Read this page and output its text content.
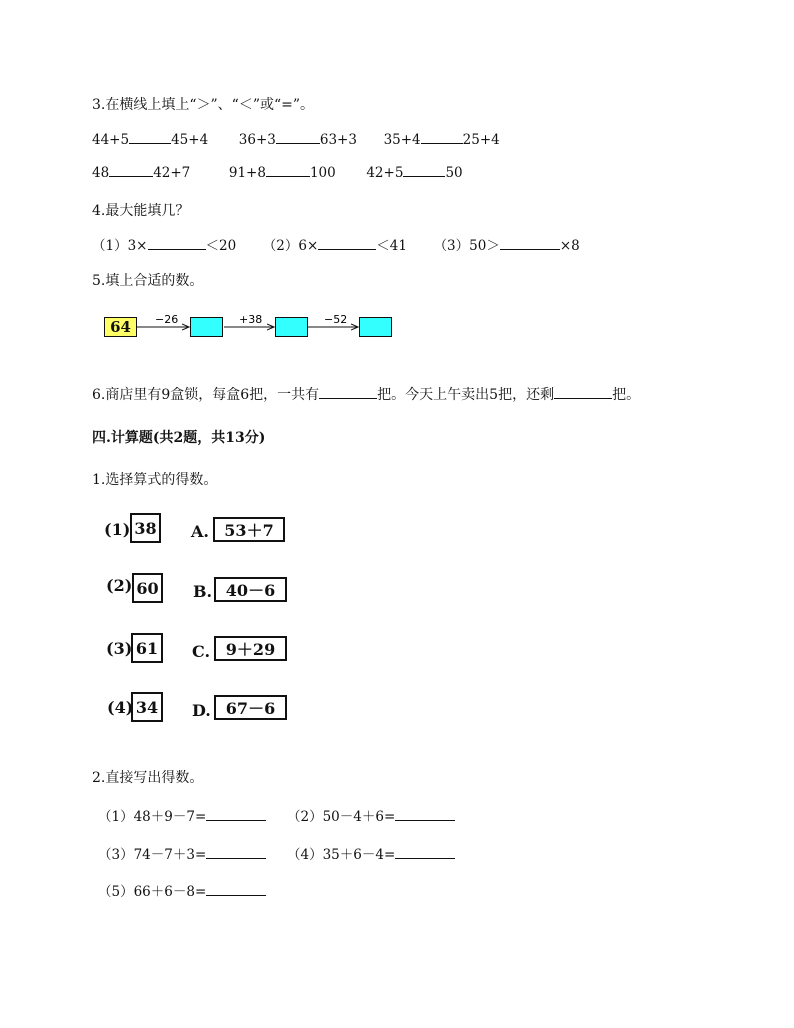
3.在横线上填上“＞”、“＜”或“=”。
44+5	45+4 36+3	63+3 35+4	25+4
48	42+7	91+8	100 42+5	50
4.最大能填几？
（1）3×	＜20 （2）6×	＜41 （3）50＞	×8
5.填上合适的数。
64	−26	+38	−52
6.商店里有9盒锁，每盒6把，一共有	把。今天上午卖出5把，还剩	把。
四.计算题(共2题，共13分)
1.选择算式的得数。
(1) 38 A. 53＋7
(2) 60 B. 40－6
(3) 61	C. 9＋29
(4) 34	D. 67－6
2.直接写出得数。
（1）48＋9－7=	（2）50－4＋6=
（3）74－7＋3=	（4）35＋6－4=
（5）66＋6－8=
